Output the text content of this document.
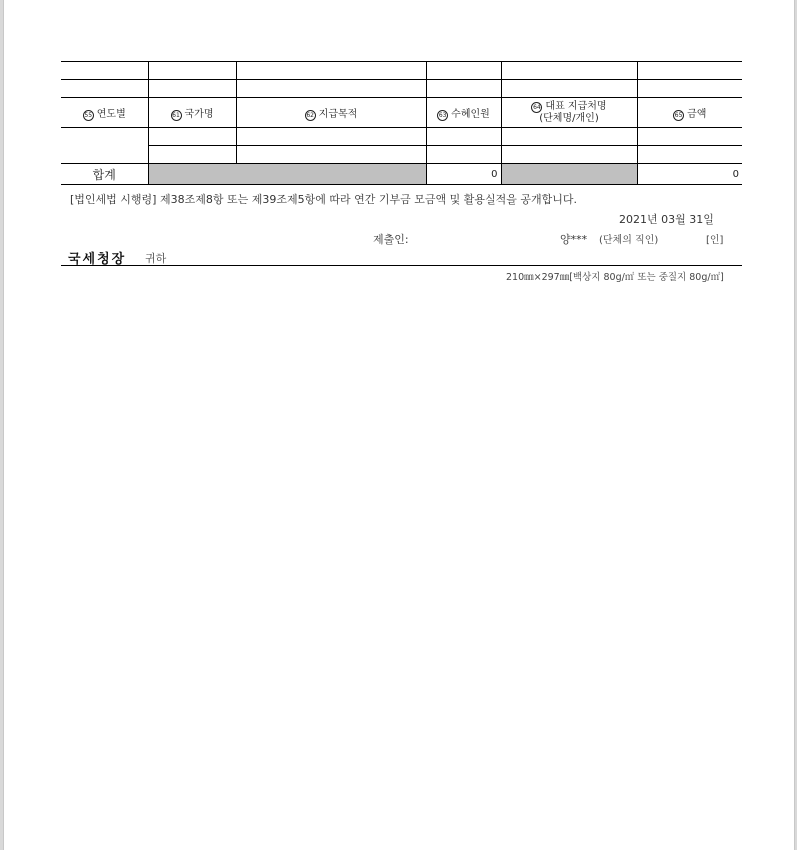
55 연도별	61 국가명	62 지급목적	63 수혜인원	64 대표 지급처명
(단체명/개인)	65 금액

합계			0		0
[법인세법 시행령] 제38조제8항 또는 제39조제5항에 따라 연간 기부금 모금액 및 활용실적을 공개합니다.
2021년 03월 31일
제출인:	양*** (단체의 직인)	[인]
국세청장 귀하
210㎜×297㎜[백상지 80g/㎡ 또는 중질지 80g/㎡]
